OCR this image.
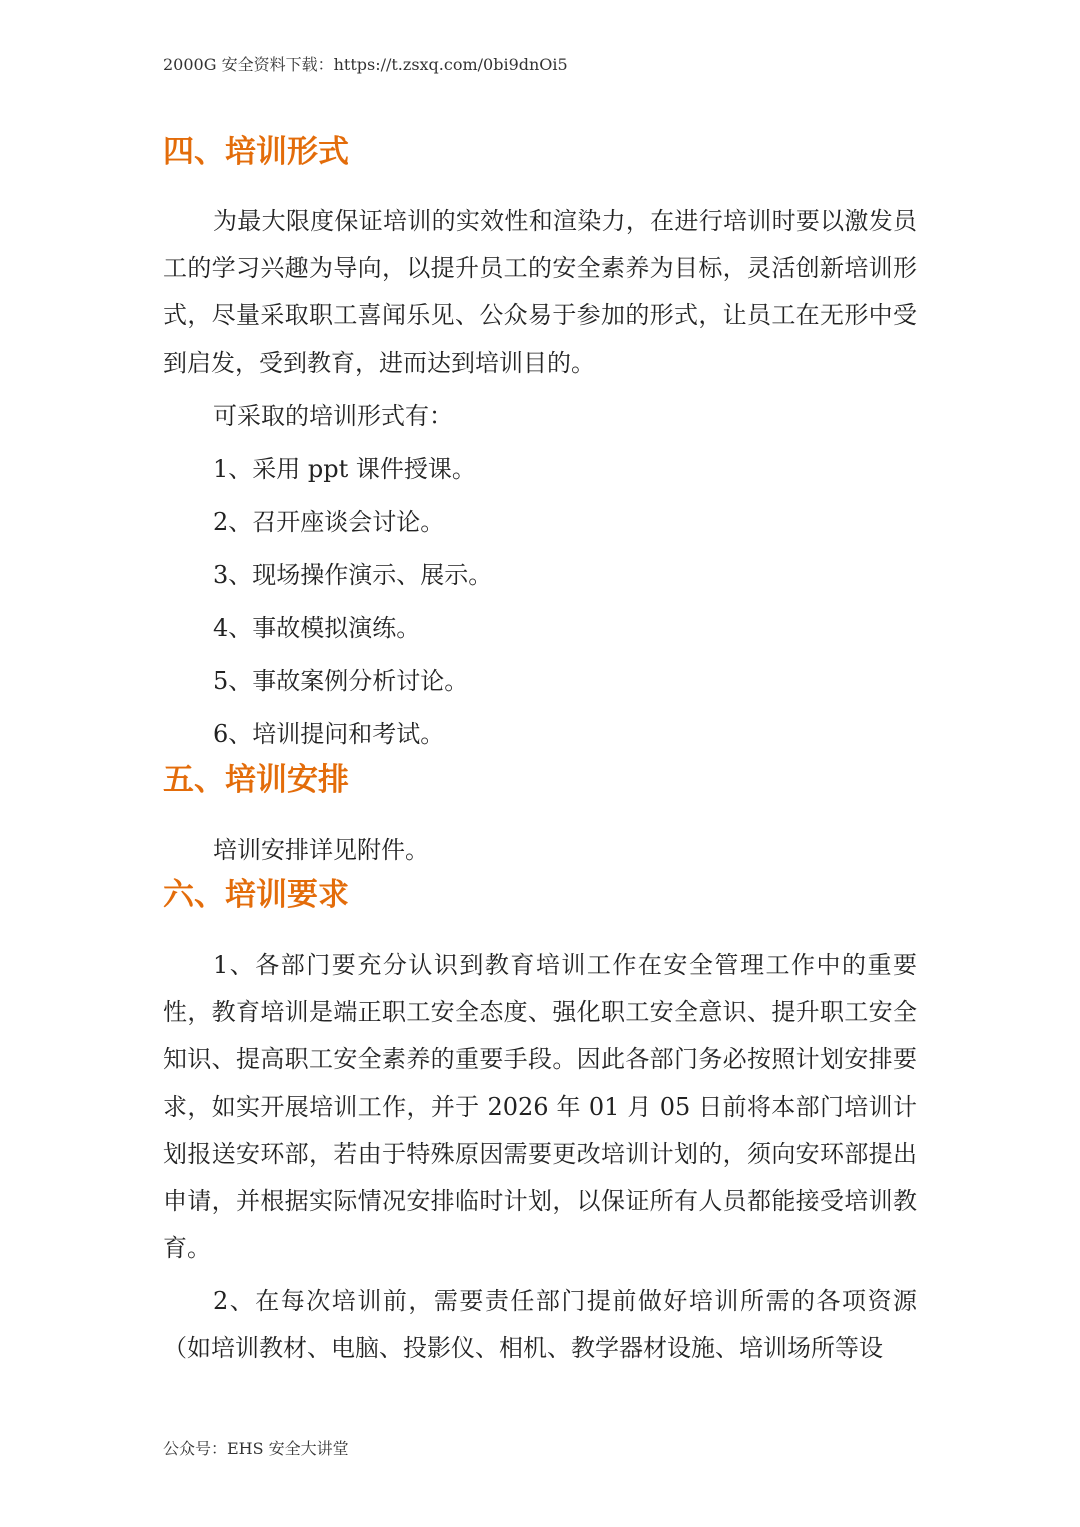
2000G 安全资料下载：https://t.zsxq.com/0bi9dnOi5
四、培训形式

为最大限度保证培训的实效性和渲染力，在进行培训时要以激发员工的学习兴趣为导向，以提升员工的安全素养为目标，灵活创新培训形式，尽量采取职工喜闻乐见、公众易于参加的形式，让员工在无形中受到启发，受到教育，进而达到培训目的。

可采取的培训形式有：
1、采用 ppt 课件授课。
2、召开座谈会讨论。
3、现场操作演示、展示。
4、事故模拟演练。
5、事故案例分析讨论。
6、培训提问和考试。
五、培训安排
培训安排详见附件。
六、培训要求

1、各部门要充分认识到教育培训工作在安全管理工作中的重要性，教育培训是端正职工安全态度、强化职工安全意识、提升职工安全知识、提高职工安全素养的重要手段。因此各部门务必按照计划安排要求，如实开展培训工作，并于 2026 年 01 月 05 日前将本部门培训计划报送安环部，若由于特殊原因需要更改培训计划的，须向安环部提出申请，并根据实际情况安排临时计划，以保证所有人员都能接受培训教育。

2、在每次培训前，需要责任部门提前做好培训所需的各项资源（如培训教材、电脑、投影仪、相机、教学器材设施、培训场所等设

公众号：EHS 安全大讲堂
